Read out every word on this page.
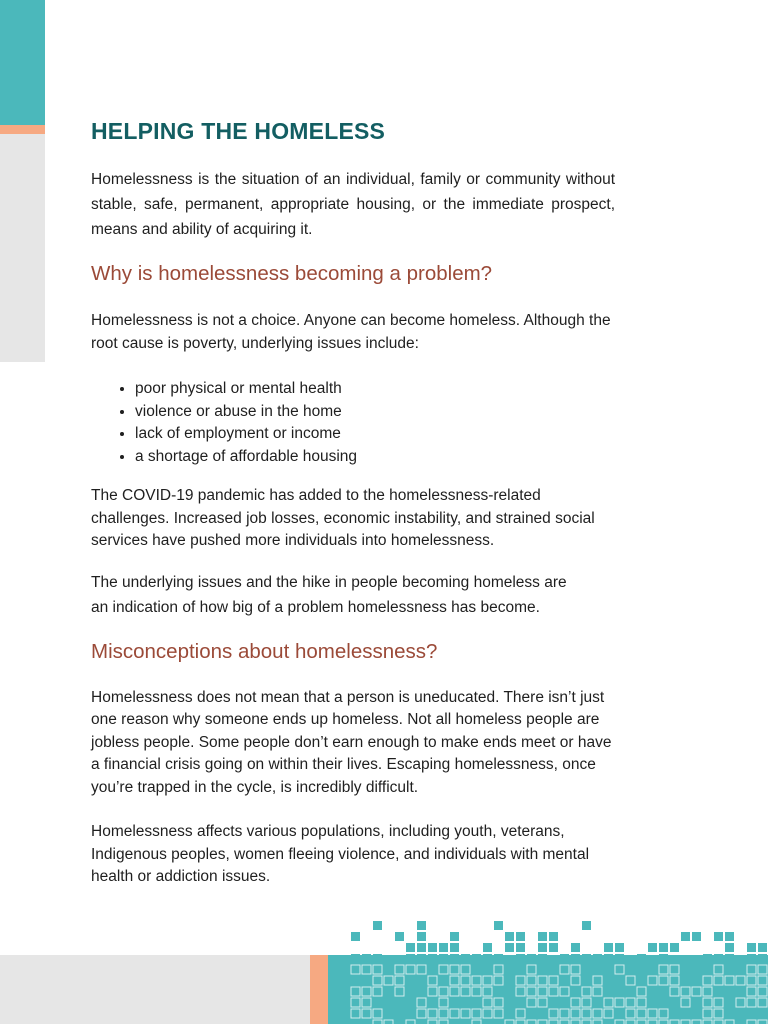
HELPING THE HOMELESS

Homelessness is the situation of an individual, family or community without stable, safe, permanent, appropriate housing, or the immediate prospect, means and ability of acquiring it.

Why is homelessness becoming a problem?

Homelessness is not a choice. Anyone can become homeless. Although the root cause is poverty, underlying issues include:

• poor physical or mental health
• violence or abuse in the home
• lack of employment or income
• a shortage of affordable housing

The COVID-19 pandemic has added to the homelessness-related challenges. Increased job losses, economic instability, and strained social services have pushed more individuals into homelessness.

The underlying issues and the hike in people becoming homeless are an indication of how big of a problem homelessness has become.

Misconceptions about homelessness?

Homelessness does not mean that a person is uneducated. There isn’t just one reason why someone ends up homeless. Not all homeless people are jobless people. Some people don’t earn enough to make ends meet or have a financial crisis going on within their lives. Escaping homelessness, once you’re trapped in the cycle, is incredibly difficult.

Homelessness affects various populations, including youth, veterans, Indigenous peoples, women fleeing violence, and individuals with mental health or addiction issues.
